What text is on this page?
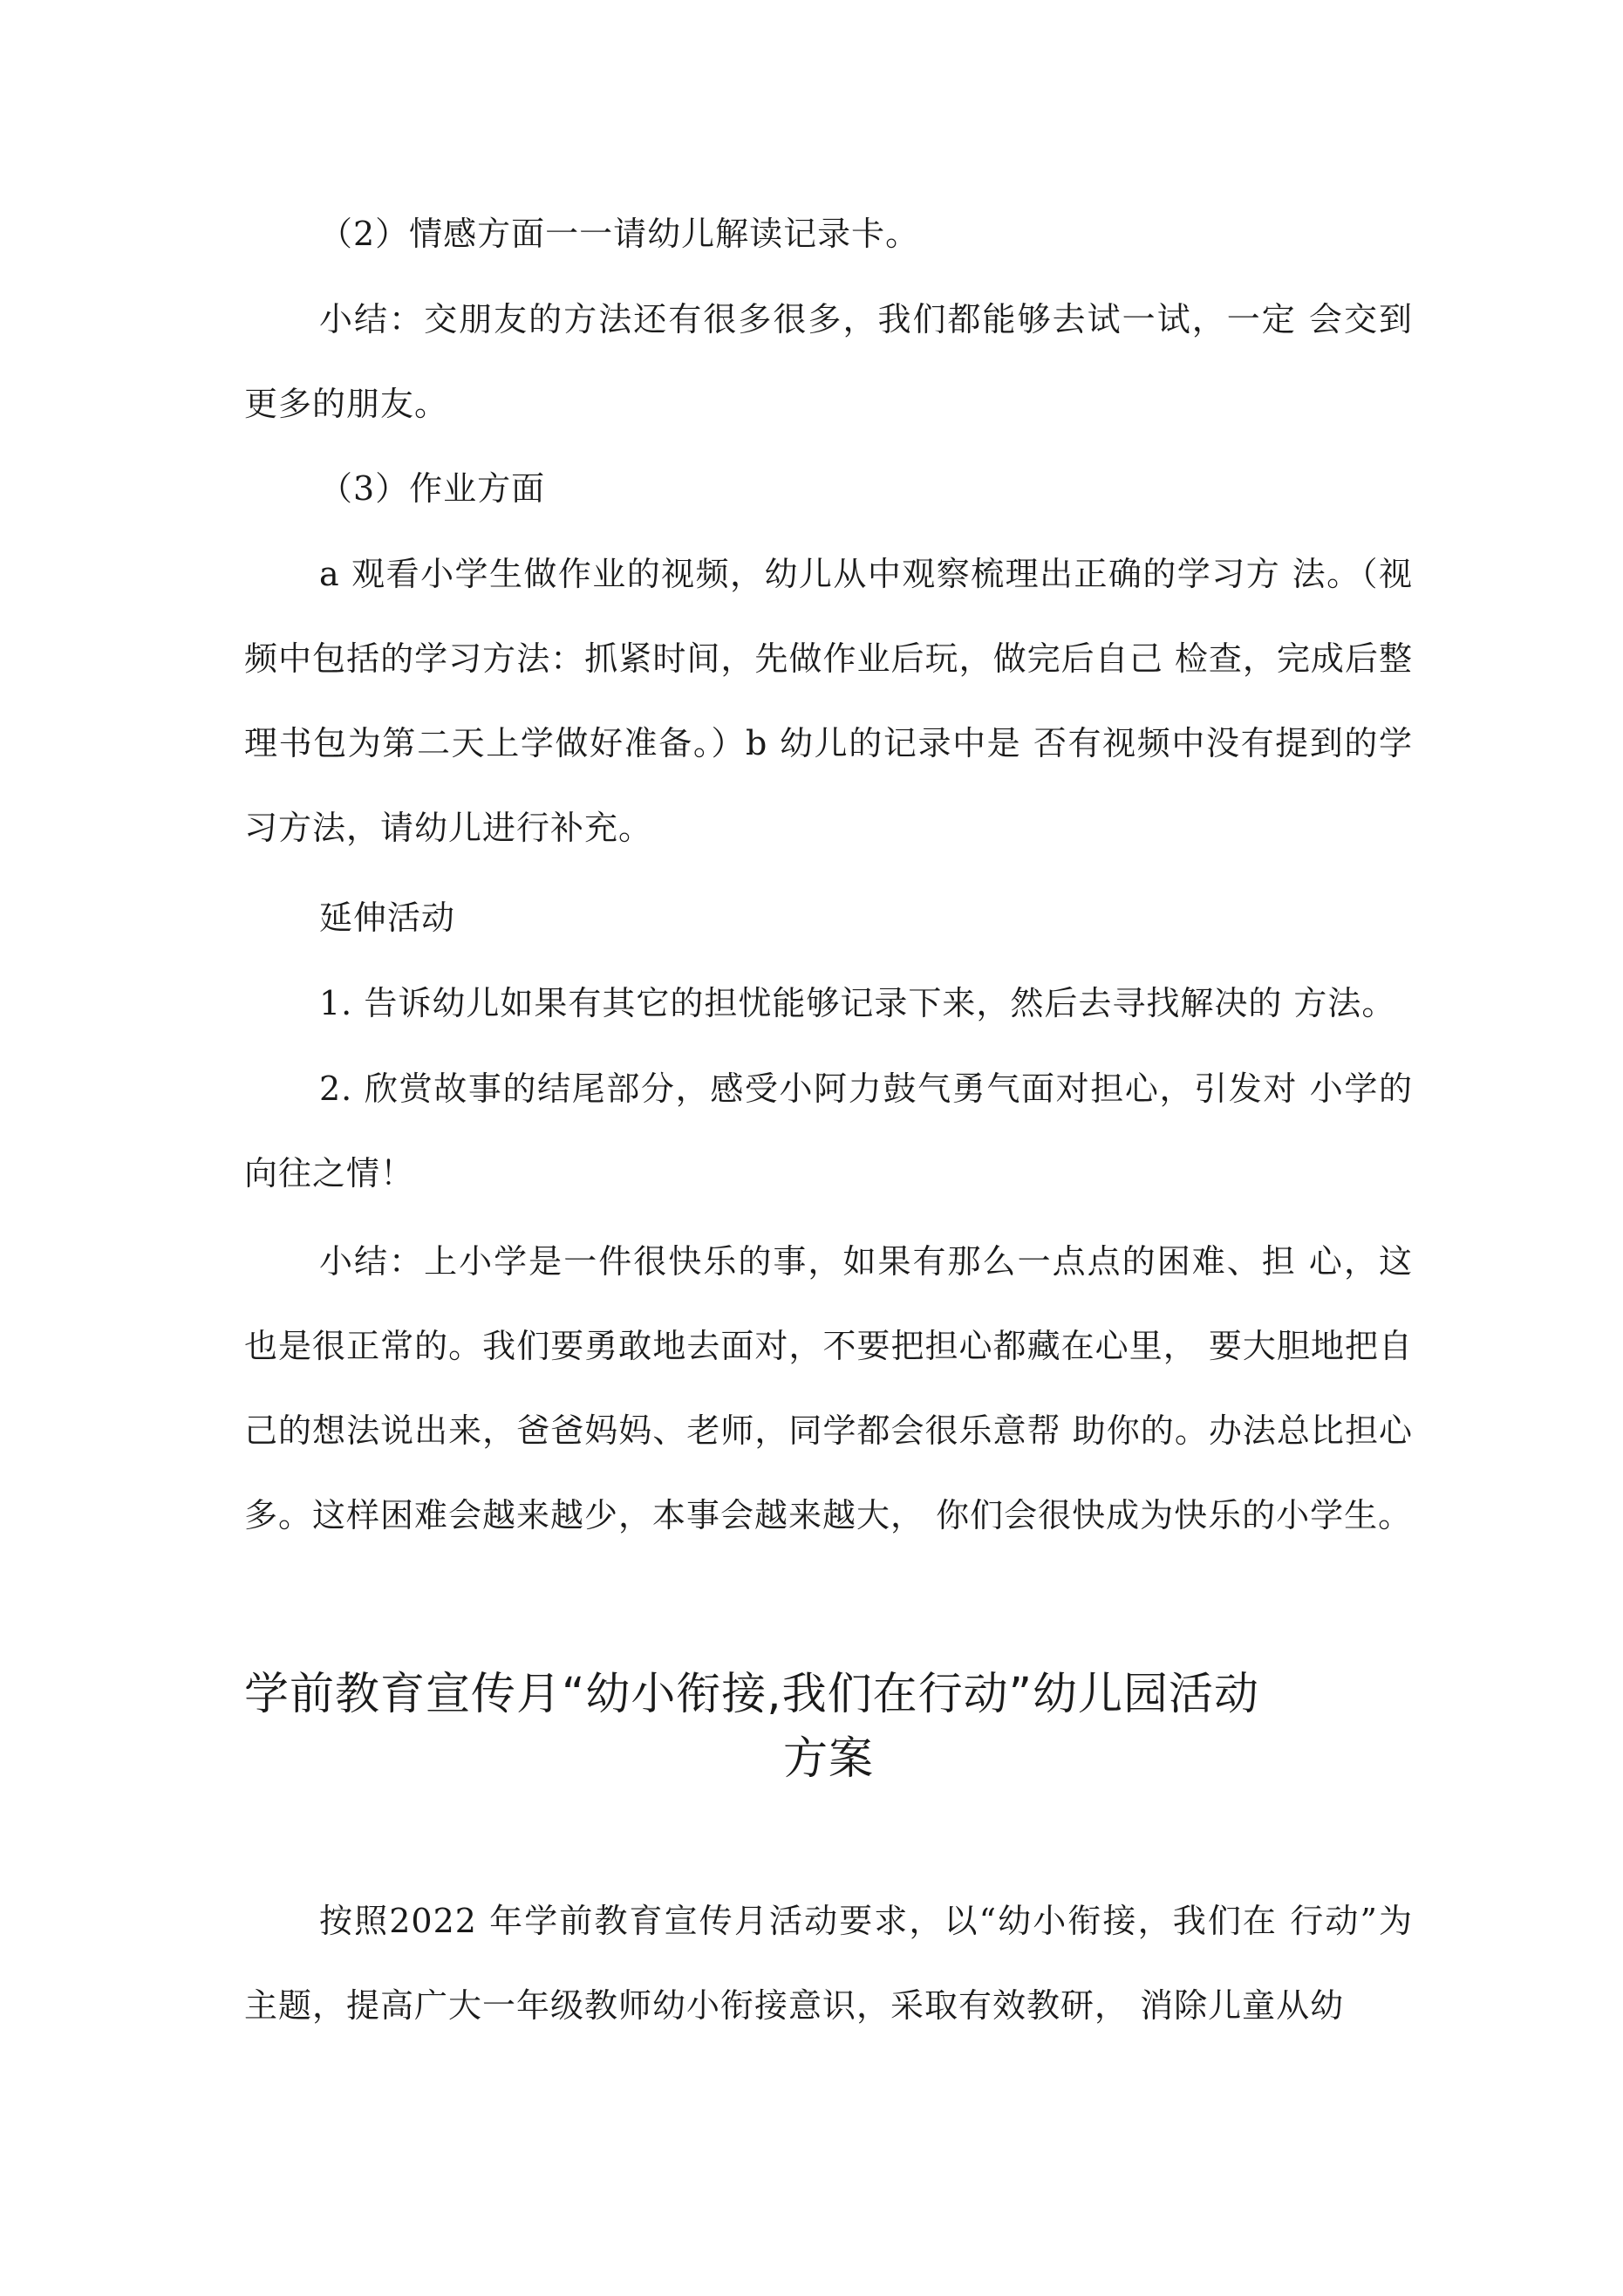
（2）情感方面一一请幼儿解读记录卡。

小结：交朋友的方法还有很多很多，我们都能够去试一试，一定 会交到更多的朋友。

（3）作业方面

a 观看小学生做作业的视频，幼儿从中观察梳理出正确的学习方 法。（视频中包括的学习方法：抓紧时间，先做作业后玩，做完后自己 检查，完成后整理书包为第二天上学做好准备。）b 幼儿的记录中是 否有视频中没有提到的学习方法，请幼儿进行补充。

延伸活动

1. 告诉幼儿如果有其它的担忧能够记录下来，然后去寻找解决的 方法。

2. 欣赏故事的结尾部分，感受小阿力鼓气勇气面对担心，引发对 小学的向往之情！

小结：上小学是一件很快乐的事，如果有那么一点点的困难、担 心，这也是很正常的。我们要勇敢地去面对，不要把担心都藏在心里， 要大胆地把自己的想法说出来，爸爸妈妈、老师，同学都会很乐意帮 助你的。办法总比担心多。这样困难会越来越少，本事会越来越大， 你们会很快成为快乐的小学生。

学前教育宣传月“幼小衔接,我们在行动”幼儿园活动
方案

按照2022 年学前教育宣传月活动要求，以“幼小衔接，我们在 行动”为主题，提高广大一年级教师幼小衔接意识，采取有效教研， 消除儿童从幼
